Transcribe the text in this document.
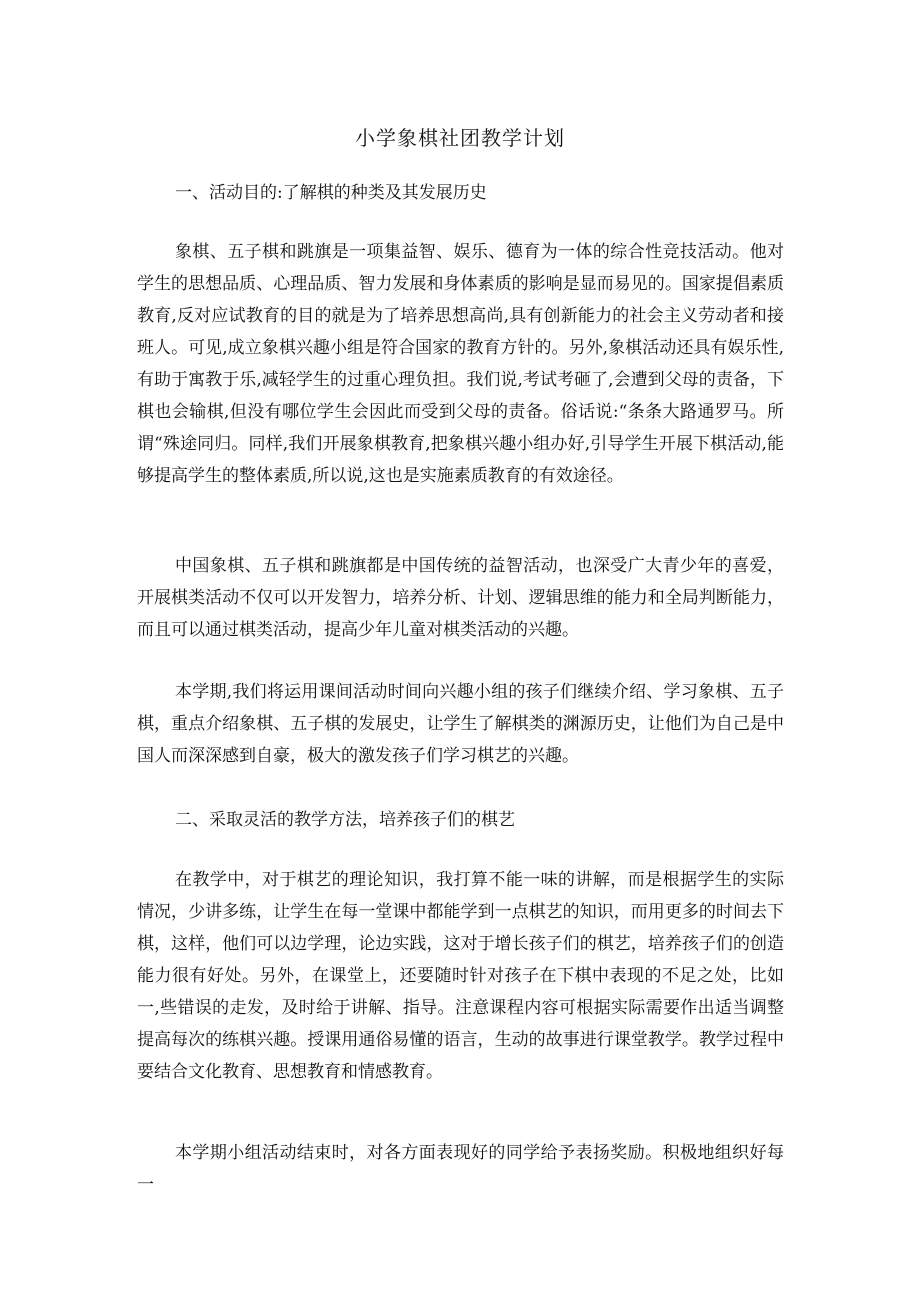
小学象棋社团教学计划
一、活动目的:了解棋的种类及其发展历史

象棋、五子棋和跳旗是一项集益智、娱乐、德育为一体的综合性竞技活动。他对学生的思想品质、心理品质、智力发展和身体素质的影响是显而易见的。国家提倡素质教育,反对应试教育的目的就是为了培养思想高尚,具有创新能力的社会主义劳动者和接班人。可见,成立象棋兴趣小组是符合国家的教育方针的。另外,象棋活动还具有娱乐性,有助于寓教于乐,减轻学生的过重心理负担。我们说,考试考砸了,会遭到父母的责备，下棋也会输棋,但没有哪位学生会因此而受到父母的责备。俗话说:“条条大路通罗马。所谓“殊途同归。同样,我们开展象棋教育,把象棋兴趣小组办好,引导学生开展下棋活动,能够提高学生的整体素质,所以说,这也是实施素质教育的有效途径。

中国象棋、五子棋和跳旗都是中国传统的益智活动，也深受广大青少年的喜爱，开展棋类活动不仅可以开发智力，培养分析、计划、逻辑思维的能力和全局判断能力，而且可以通过棋类活动，提高少年儿童对棋类活动的兴趣。

本学期,我们将运用课间活动时间向兴趣小组的孩子们继续介绍、学习象棋、五子棋，重点介绍象棋、五子棋的发展史，让学生了解棋类的渊源历史，让他们为自己是中国人而深深感到自豪，极大的激发孩子们学习棋艺的兴趣。

二、采取灵活的教学方法，培养孩子们的棋艺

在教学中，对于棋艺的理论知识，我打算不能一味的讲解，而是根据学生的实际情况，少讲多练，让学生在每一堂课中都能学到一点棋艺的知识，而用更多的时间去下棋，这样，他们可以边学理，论边实践，这对于增长孩子们的棋艺，培养孩子们的创造能力很有好处。另外，在课堂上，还要随时针对孩子在下棋中表现的不足之处，比如一,些错误的走发，及时给于讲解、指导。注意课程内容可根据实际需要作出适当调整提高每次的练棋兴趣。授课用通俗易懂的语言，生动的故事进行课堂教学。教学过程中要结合文化教育、思想教育和情感教育。

本学期小组活动结束时，对各方面表现好的同学给予表扬奖励。积极地组织好每一
